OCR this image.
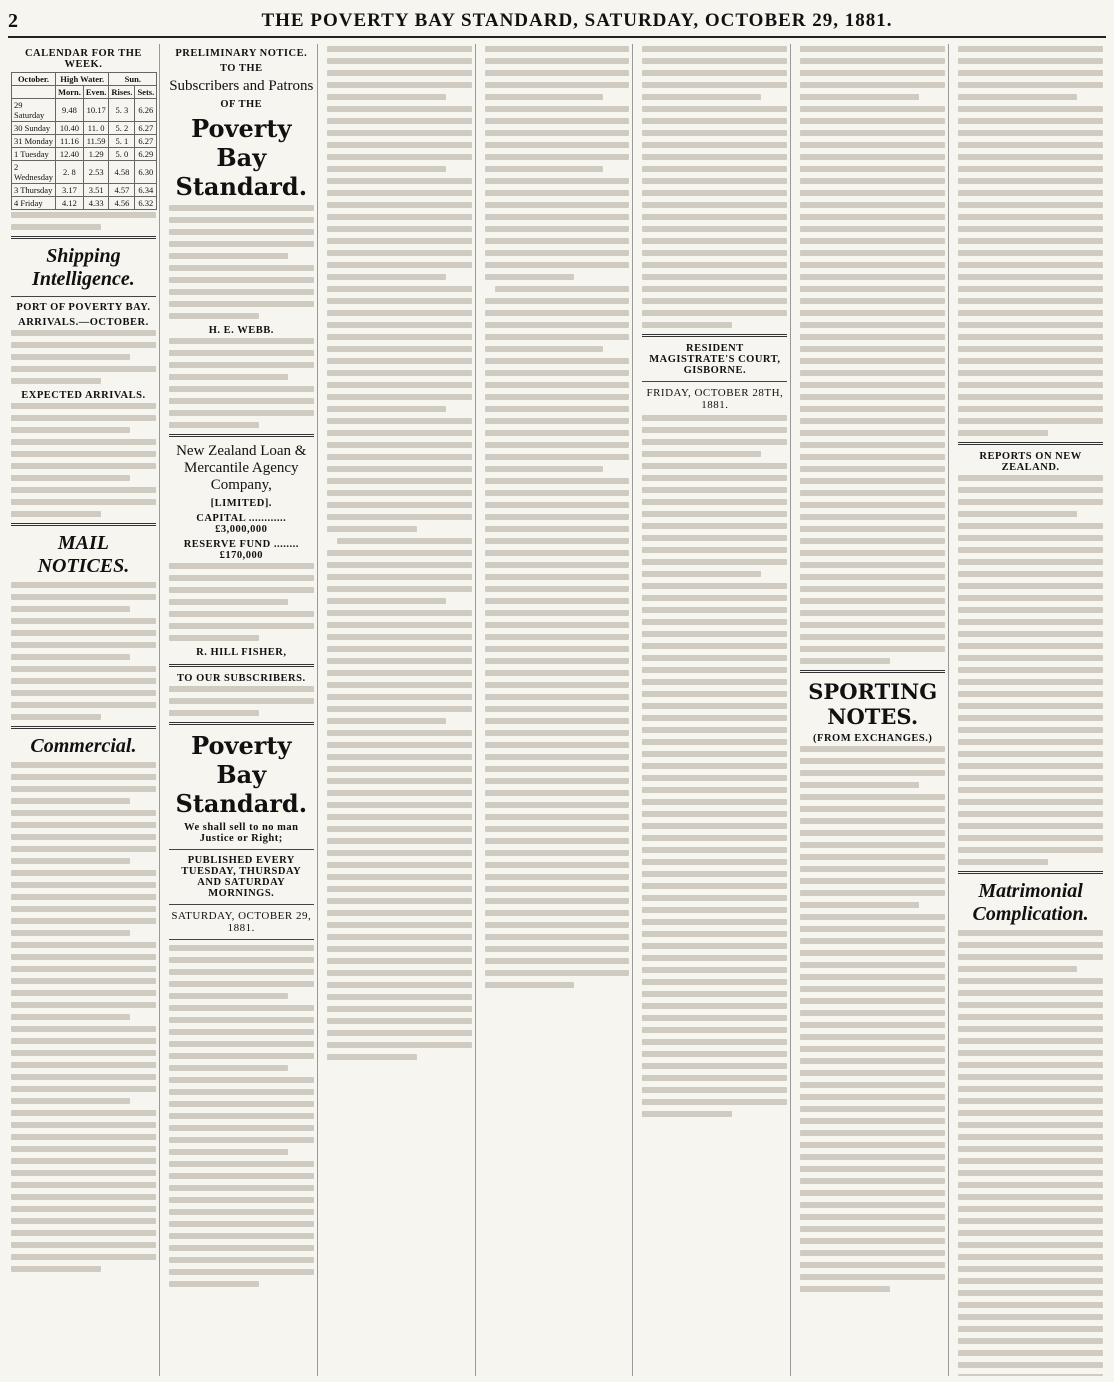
2	THE POVERTY BAY STANDARD, SATURDAY, OCTOBER 29, 1881.
CALENDAR FOR THE WEEK.
October.	High Water.		Sun.	
	Morn.	Even.	Rises.	Sets.
29 Saturday	9.48	10.17	5. 3	6.26
30 Sunday	10.40	11. 0	5. 2	6.27
31 Monday	11.16	11.59	5. 1	6.27
1 Tuesday	12.40	1.29	5. 0	6.29
2 Wednesday	2. 8	2.53	4.58	6.30
3 Thursday	3.17	3.51	4.57	6.34
4 Friday	4.12	4.33	4.56	6.32
Shipping Intelligence.
PORT OF POVERTY BAY.
ARRIVALS.—OCTOBER.
EXPECTED ARRIVALS.
MAIL NOTICES.
Commercial.
PRELIMINARY NOTICE.
TO THE
Subscribers and Patrons
OF THE
Poverty Bay Standard.
H. E. WEBB.
New Zealand Loan & Mercantile Agency Company,
[LIMITED].
CAPITAL ............ £3,000,000
RESERVE FUND ........ £170,000
R. HILL FISHER,
TO OUR SUBSCRIBERS.
Poverty Bay Standard.
We shall sell to no man Justice or Right;
PUBLISHED EVERY TUESDAY, THURSDAY AND SATURDAY MORNINGS.
SATURDAY, OCTOBER 29, 1881.
RESIDENT MAGISTRATE'S COURT, GISBORNE.
FRIDAY, OCTOBER 28TH, 1881.
SPORTING NOTES.
(FROM EXCHANGES.)
REPORTS ON NEW ZEALAND.
Matrimonial Complication.
